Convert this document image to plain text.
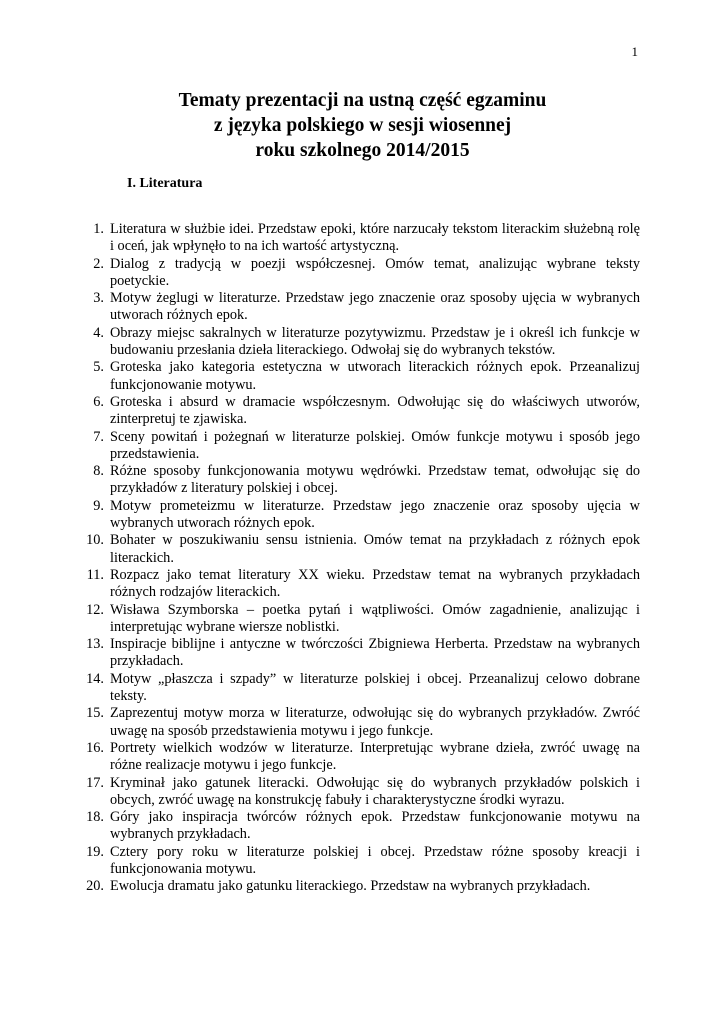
1
Tematy prezentacji na ustną część egzaminu
z języka polskiego w sesji wiosennej
roku szkolnego 2014/2015
I. Literatura
1. Literatura w służbie idei. Przedstaw epoki, które narzucały tekstom literackim służebną rolę i oceń, jak wpłynęło to na ich wartość artystyczną.
2. Dialog z tradycją w poezji współczesnej. Omów temat, analizując wybrane teksty poetyckie.
3. Motyw żeglugi w literaturze. Przedstaw jego znaczenie oraz sposoby ujęcia w wybranych utworach różnych epok.
4. Obrazy miejsc sakralnych w literaturze pozytywizmu. Przedstaw je i określ ich funkcje w budowaniu przesłania dzieła literackiego. Odwołaj się do wybranych tekstów.
5. Groteska jako kategoria estetyczna w utworach literackich różnych epok. Przeanalizuj funkcjonowanie motywu.
6. Groteska i absurd w dramacie współczesnym. Odwołując się do właściwych utworów, zinterpretuj te zjawiska.
7. Sceny powitań i pożegnań w literaturze polskiej. Omów funkcje motywu i sposób jego przedstawienia.
8. Różne sposoby funkcjonowania motywu wędrówki. Przedstaw temat, odwołując się do przykładów z literatury polskiej i obcej.
9. Motyw prometeizmu w literaturze. Przedstaw jego znaczenie oraz sposoby ujęcia w wybranych utworach różnych epok.
10. Bohater w poszukiwaniu sensu istnienia. Omów temat na przykładach z różnych epok literackich.
11. Rozpacz jako temat literatury XX wieku. Przedstaw temat na wybranych przykładach różnych rodzajów literackich.
12. Wisława Szymborska – poetka pytań i wątpliwości. Omów zagadnienie, analizując i interpretując wybrane wiersze noblistki.
13. Inspiracje biblijne i antyczne w twórczości Zbigniewa Herberta. Przedstaw na wybranych przykładach.
14. Motyw „płaszcza i szpady” w literaturze polskiej i obcej. Przeanalizuj celowo dobrane teksty.
15. Zaprezentuj motyw morza w literaturze, odwołując się do wybranych przykładów. Zwróć uwagę na sposób przedstawienia motywu i jego funkcje.
16. Portrety wielkich wodzów w literaturze. Interpretując wybrane dzieła, zwróć uwagę na różne realizacje motywu i jego funkcje.
17. Kryminał jako gatunek literacki. Odwołując się do wybranych przykładów polskich i obcych, zwróć uwagę na konstrukcję fabuły i charakterystyczne środki wyrazu.
18. Góry jako inspiracja twórców różnych epok. Przedstaw funkcjonowanie motywu na wybranych przykładach.
19. Cztery pory roku w literaturze polskiej i obcej. Przedstaw różne sposoby kreacji i funkcjonowania motywu.
20. Ewolucja dramatu jako gatunku literackiego. Przedstaw na wybranych przykładach.
